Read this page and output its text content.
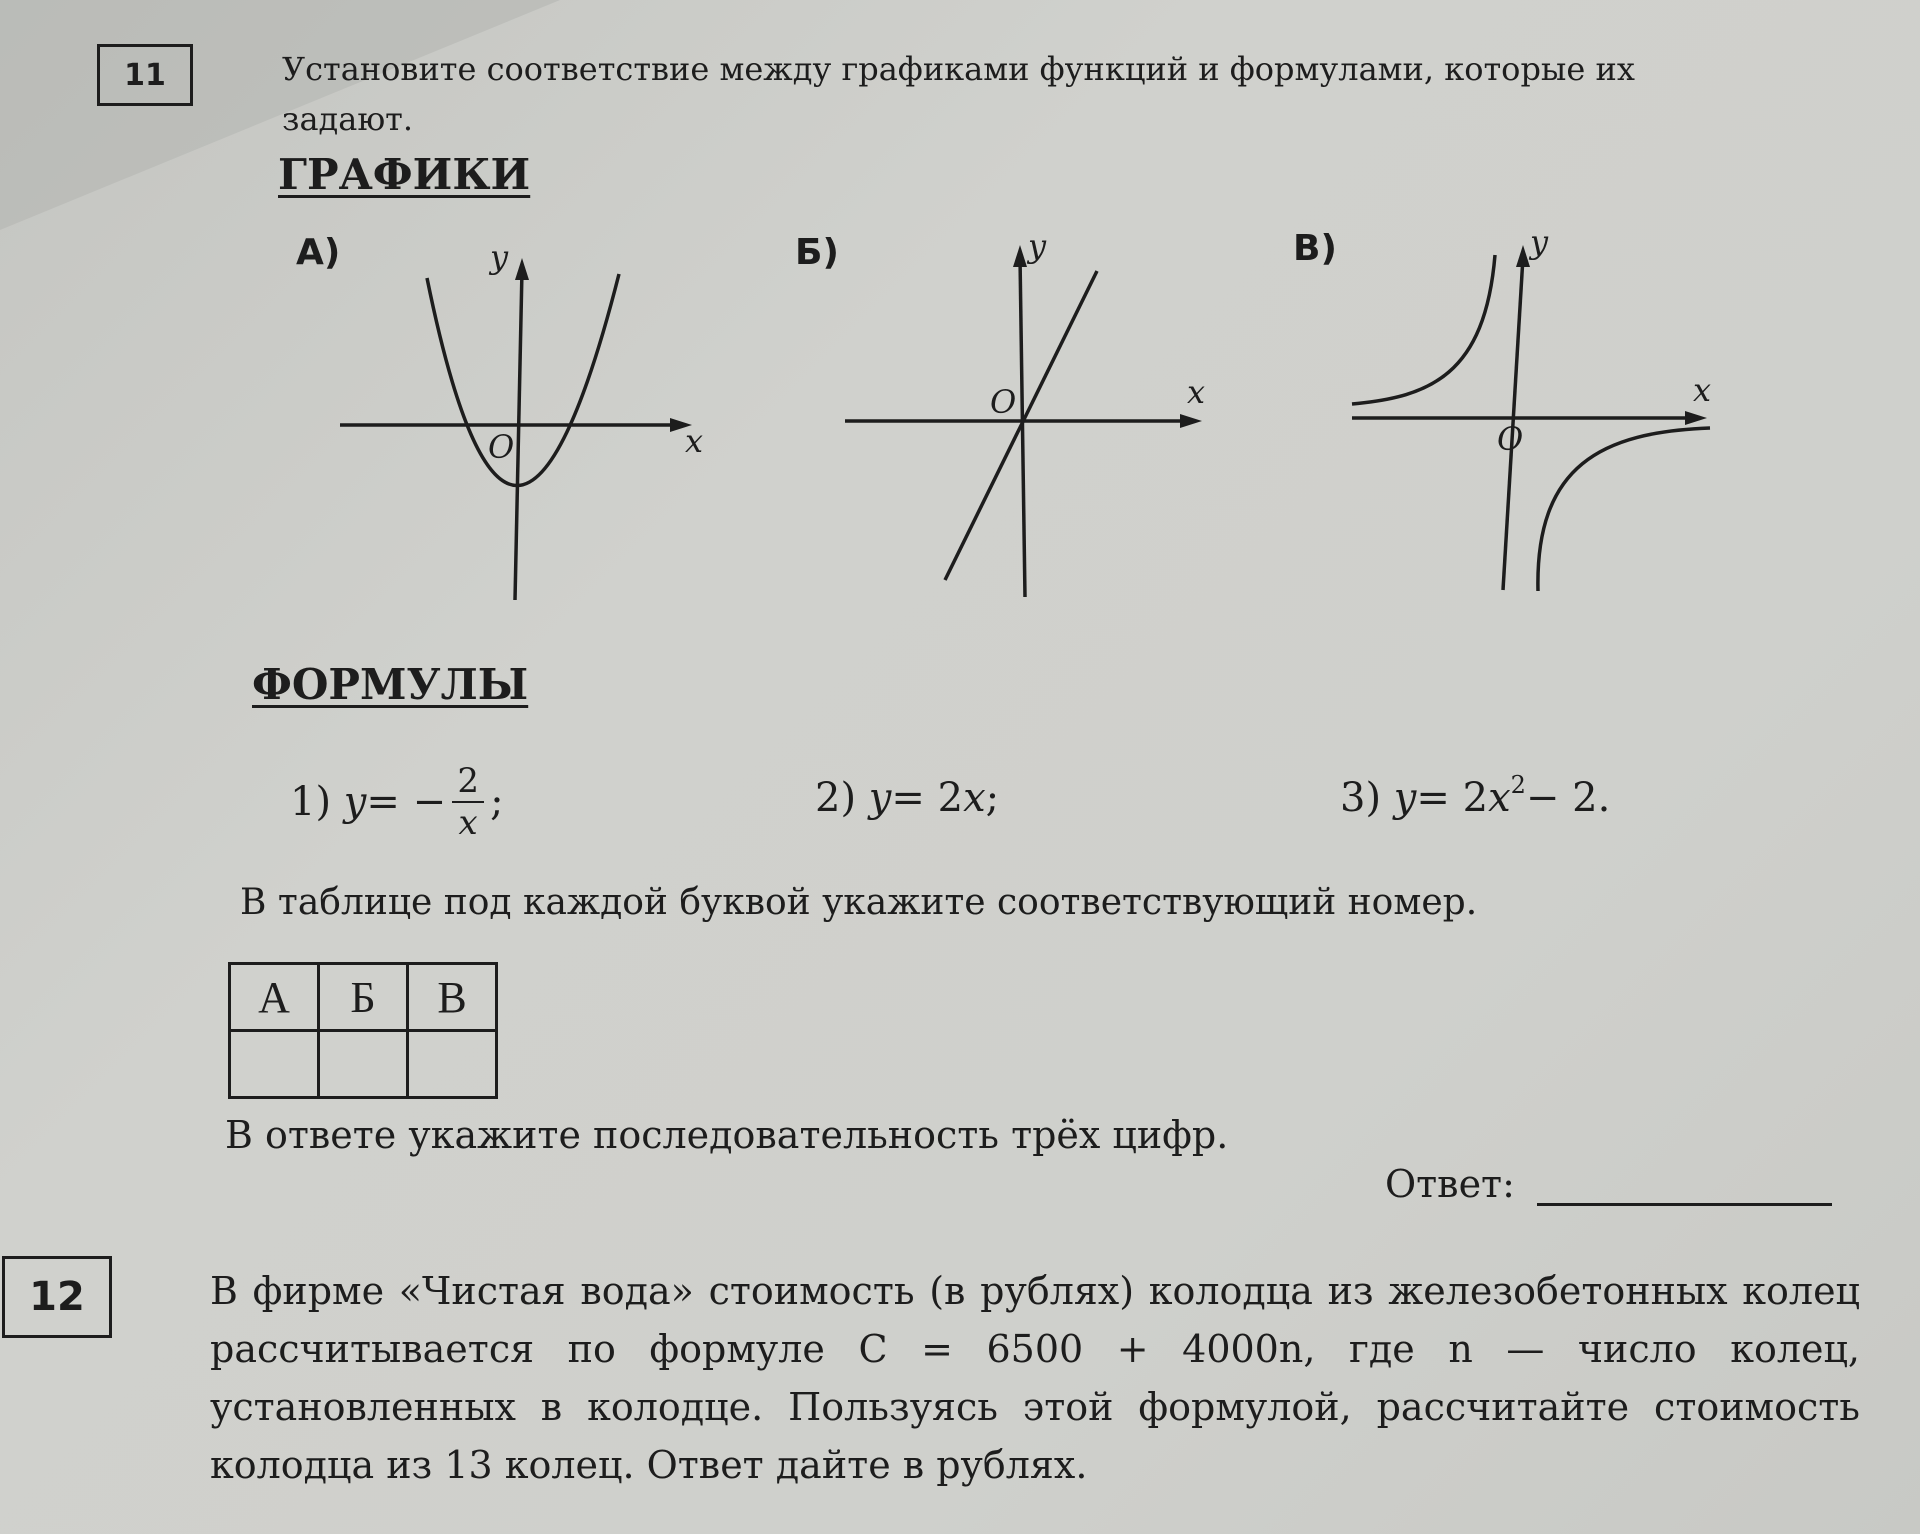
11	Установите соответствие между графиками функций и формулами, которые их задают.
ГРАФИКИ
А)
O	x
y	Б)
O	x
y	В)
O
x
y
ФОРМУЛЫ
1)
y = − $\frac{2}{x}$ ;	2)
y = 2 x ;	3)
y = 2 $x^2 - 2$.
В таблице под каждой буквой укажите соответствующий номер.
А	Б	В

В ответе укажите последовательность трёх цифр.
Ответ:
12	В фирме «Чистая вода» стоимость (в рублях) колодца из железобетонных колец рассчитывается по формуле C = 6500 + 4000n, где n — число колец, установленных в колодце. Пользуясь этой формулой, рассчитайте стоимость колодца из 13 колец. Ответ дайте в рублях.
